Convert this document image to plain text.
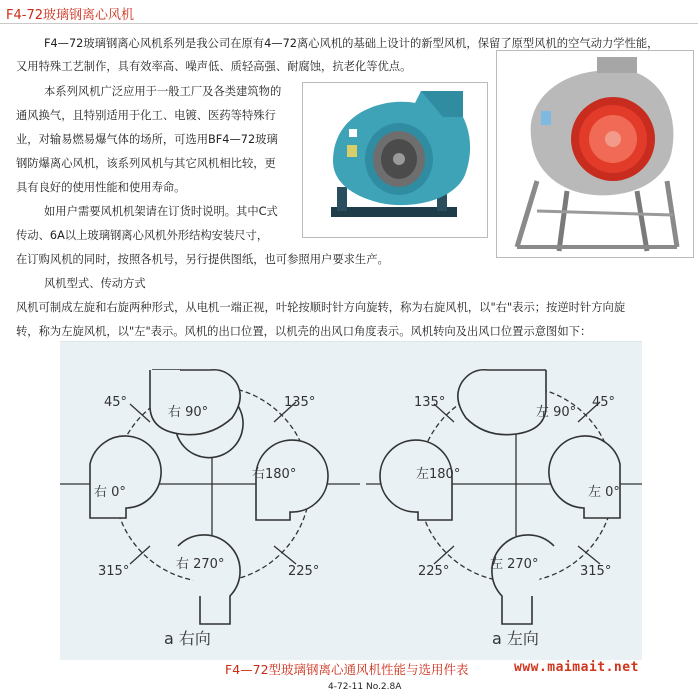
F4-72玻璃钢离心风机
F4—72玻璃钢离心风机系列是我公司在原有4—72离心风机的基础上设计的新型风机，保留了原型风机的空气动力学性能，
又用特殊工艺制作，具有效率高、噪声低、质轻高强、耐腐蚀，抗老化等优点。
本系列风机广泛应用于一般工厂及各类建筑物的
通风换气，且特别适用于化工、电镀、医药等特殊行
业，对输易燃易爆气体的场所，可选用BF4—72玻璃
钢防爆离心风机，该系列风机与其它风机相比较，更
具有良好的使用性能和使用寿命。
如用户需要风机机架请在订货时说明。其中C式
传动、6A以上玻璃钢离心风机外形结构安装尺寸，
在订购风机的同时，按照各机号，另行提供图纸，也可参照用户要求生产。
风机型式、传动方式
风机可制成左旋和右旋两种形式，从电机一端正视，叶轮按顺时针方向旋转，称为右旋风机，以"右"表示；按逆时针方向旋
转，称为左旋风机，以"左"表示。风机的出口位置，以机壳的出风口角度表示。风机转向及出风口位置示意图如下：
45°	135°
225°
315°
右 90°
右180°
右 0°
右 270°
a 右向
135°	45°
315°
225°
左 90°
左180°
左 0°
左 270°
a 左向
F4—72型玻璃钢离心通风机性能与选用件表	www.maimait.net
4-72-11 No.2.8A
